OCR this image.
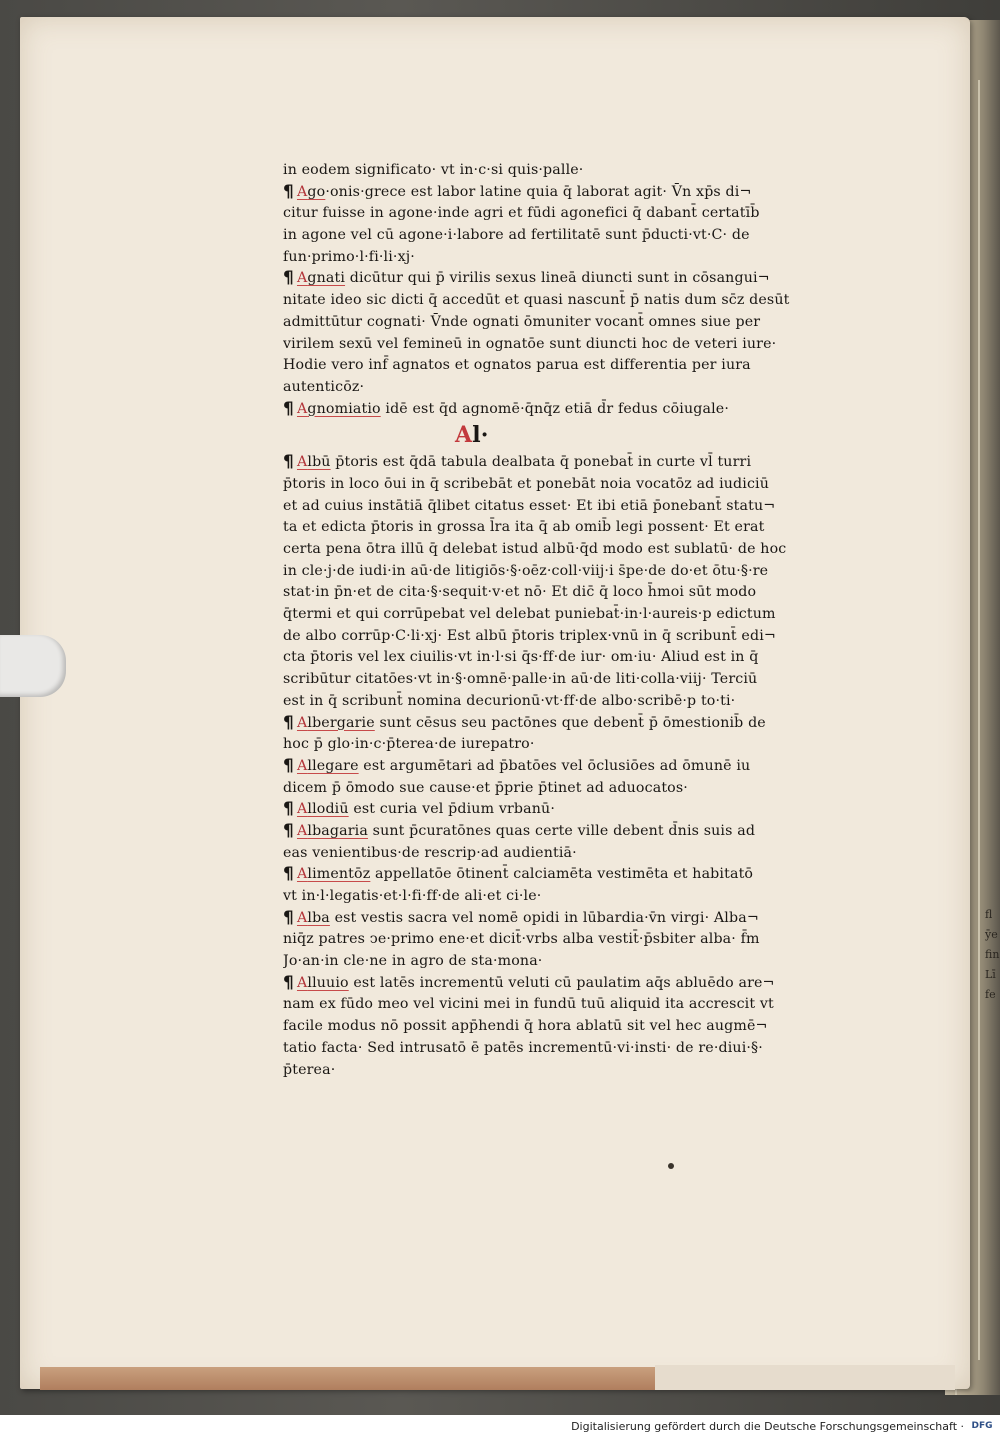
fl
ȳe
fin
Lī
fe
in eodem significato· vt in·c·si quis·palle·
¶ Ago·onis·grece est labor latine quia q̄ laborat agit· V̄n xp̄s di¬
citur fuisse in agone·inde agri et fūdi agonefici q̄ dabant̄ certatīb̄
in agone vel cū agone·i·labore ad fertilitatē sunt p̄ducti·vt·C· de
fun·primo·l·fi·li·xj·
¶ Agnati dicūtur qui p̄ virilis sexus lineā diuncti sunt in cōsangui¬
nitate ideo sic dicti q̄ accedūt et quasi nascunt̄ p̄ natis dum sc̄z desūt
admittūtur cognati· V̄nde ognati ōmuniter vocant̄ omnes siue per
virilem sexū vel femineū in ognatōe sunt diuncti hoc de veteri iure·
Hodie vero inf̄ agnatos et ognatos parua est differentia per iura
autenticōz·
¶ Agnomiatio idē est q̄d agnomē·q̄nq̄z etiā d̄r fedus cōiugale·
Al·
¶ Albū p̄toris est q̄dā tabula dealbata q̄ ponebat̄ in curte vl̄ turri
p̄toris in loco ōui in q̄ scribebāt et ponebāt noia vocatōz ad iudiciū
et ad cuius instātiā q̄libet citatus esset· Et ibi etiā p̄onebant̄ statu¬
ta et edicta p̄toris in grossa l̄ra ita q̄ ab omib̄ legi possent· Et erat
certa pena ōtra illū q̄ delebat istud albū·q̄d modo est sublatū· de hoc
in cle·j·de iudi·in aū·de litigiōs·§·oēz·coll·viij·i s̄pe·de do·et ōtu·§·re
stat·in p̄n·et de cita·§·sequit·v·et nō· Et dic̄ q̄ loco h̄moi sūt modo
q̄termi et qui corrūpebat vel delebat puniebat̄·in·l·aureis·p edictum
de albo corrūp·C·li·xj· Est albū p̄toris triplex·vnū in q̄ scribunt̄ edi¬
cta p̄toris vel lex ciuilis·vt in·l·si q̄s·ff·de iur· om·iu· Aliud est in q̄
scribūtur citatōes·vt in·§·omnē·palle·in aū·de liti·colla·viij· Terciū
est in q̄ scribunt̄ nomina decurionū·vt·ff·de albo·scribē·p to·ti·
¶ Albergarie sunt cēsus seu pactōnes que debent̄ p̄ ōmestionib̄ de
hoc p̄ glo·in·c·p̄terea·de iurepatro·
¶ Allegare est argumētari ad p̄batōes vel ōclusiōes ad ōmunē iu
dicem p̄ ōmodo sue cause·et p̄prie p̄tinet ad aduocatos·
¶ Allodiū est curia vel p̄dium vrbanū·
¶ Albagaria sunt p̄curatōnes quas certe ville debent d̄nis suis ad
eas venientibus·de rescrip·ad audientiā·
¶ Alimentōz appellatōe ōtinent̄ calciamēta vestimēta et habitatō
vt in·l·legatis·et·l·fi·ff·de ali·et ci·le·
¶ Alba est vestis sacra vel nomē opidi in lūbardia·v̄n virgi· Alba¬
niq̄z patres ↄe·primo ene·et dicit̄·vrbs alba vestit̄·p̄sbiter alba· f̄m
Jo·an·in cle·ne in agro de sta·mona·
¶ Alluuio est latēs incrementū veluti cū paulatim aq̄s abluēdo are¬
nam ex fūdo meo vel vicini mei in fundū tuū aliquid ita accrescit vt
facile modus nō possit app̄hendi q̄ hora ablatū sit vel hec augmē¬
tatio facta· Sed intrusatō ē patēs incrementū·vi·insti· de re·diui·§·
p̄terea·
Digitalisierung gefördert durch die Deutsche Forschungsgemeinschaft · DFG
